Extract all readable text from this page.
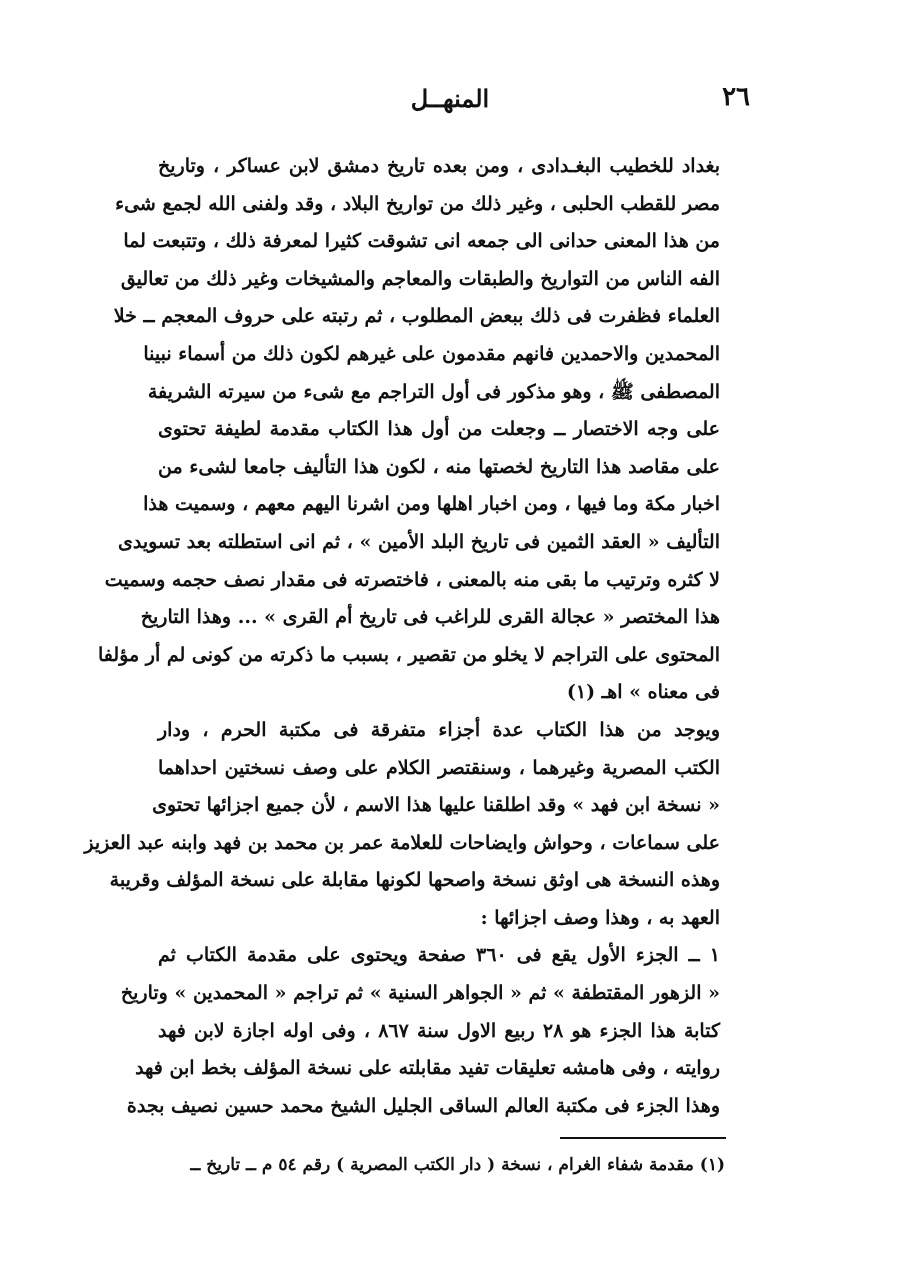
٢٦
المنهــل
بغداد للخطيب البغـدادى ، ومن بعده تاريخ دمشق لابن عساكر ، وتاريخ
مصر للقطب الحلبى ، وغير ذلك من تواريخ البلاد ، وقد ولفنى الله لجمع شىء
من هذا المعنى حدانى الى جمعه انى تشوقت كثيرا لمعرفة ذلك ، وتتبعت لما
الفه الناس من التواريخ والطبقات والمعاجم والمشيخات وغير ذلك من تعاليق
العلماء فظفرت فى ذلك ببعض المطلوب ، ثم رتبته على حروف المعجم ــ خلا
المحمدين والاحمدين فانهم مقدمون على غيرهم لكون ذلك من أسماء نبينا
المصطفى ﷺ ، وهو مذكور فى أول التراجم مع شىء من سيرته الشريفة
على وجه الاختصار ــ وجعلت من أول هذا الكتاب مقدمة لطيفة تحتوى
على مقاصد هذا التاريخ لخصتها منه ، لكون هذا التأليف جامعا لشىء من
اخبار مكة وما فيها ، ومن اخبار اهلها ومن اشرنا اليهم معهم ، وسميت هذا
التأليف « العقد الثمين فى تاريخ البلد الأمين » ، ثم انى استطلته بعد تسويدى
لا كثره وترتيب ما بقى منه بالمعنى ، فاختصرته فى مقدار نصف حجمه وسميت
هذا المختصر « عجالة القرى للراغب فى تاريخ أم القرى » ... وهذا التاريخ
المحتوى على التراجم لا يخلو من تقصير ، بسبب ما ذكرته من كونى لم أر مؤلفا
فى معناه » اهـ (١)
ويوجد من هذا الكتاب عدة أجزاء متفرقة فى مكتبة الحرم ، ودار
الكتب المصرية وغيرهما ، وسنقتصر الكلام على وصف نسختين احداهما
« نسخة ابن فهد » وقد اطلقنا عليها هذا الاسم ، لأن جميع اجزائها تحتوى
على سماعات ، وحواش وايضاحات للعلامة عمر بن محمد بن فهد وابنه عبد العزيز
وهذه النسخة هى اوثق نسخة واصحها لكونها مقابلة على نسخة المؤلف وقريبة
العهد به ، وهذا وصف اجزائها :
١ ــ الجزء الأول يقع فى ٣٦٠ صفحة ويحتوى على مقدمة الكتاب ثم
« الزهور المقتطفة » ثم « الجواهر السنية » ثم تراجم « المحمدين » وتاريخ
كتابة هذا الجزء هو ٢٨ ربيع الاول سنة ٨٦٧ ، وفى اوله اجازة لابن فهد
روايته ، وفى هامشه تعليقات تفيد مقابلته على نسخة المؤلف بخط ابن فهد
وهذا الجزء فى مكتبة العالم الساقى الجليل الشيخ محمد حسين نصيف بجدة
(١) مقدمة شفاء الغرام ، نسخة ( دار الكتب المصرية ) رقم ٥٤ م ــ تاريخ ــ
